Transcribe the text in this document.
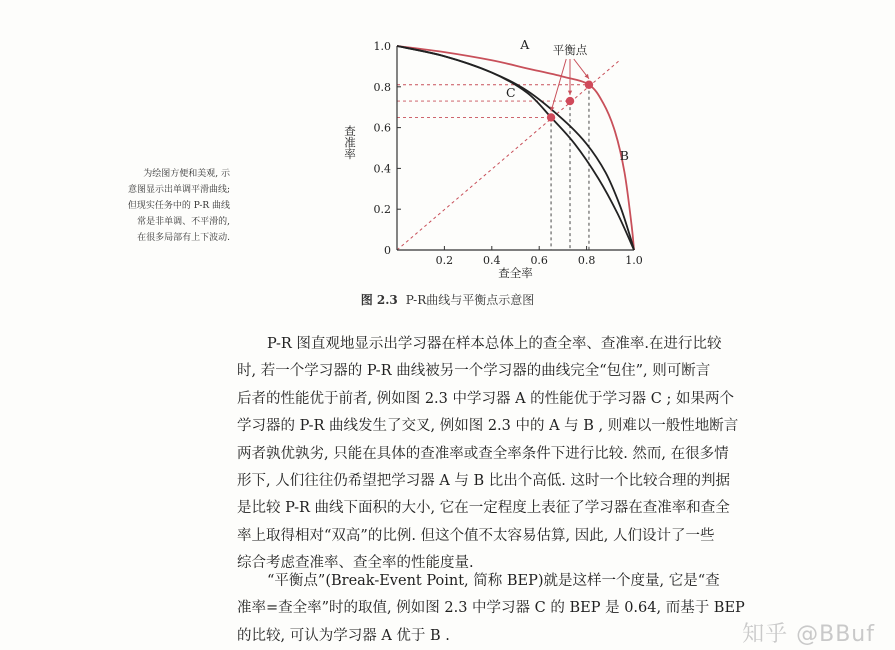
0
0.2
0.4
0.6
0.8
1.0
0.2	0.4	0.6	0.8	1.0
查全率
查准率
A
B
C
平衡点
为绘图方便和美观, 示
意图显示出单调平滑曲线;
但现实任务中的 P-R 曲线
常是非单调、不平滑的,
在很多局部有上下波动.
图 2.3 P-R曲线与平衡点示意图
P-R 图直观地显示出学习器在样本总体上的查全率、查准率.在进行比较
时, 若一个学习器的 P-R 曲线被另一个学习器的曲线完全“包住”, 则可断言
后者的性能优于前者, 例如图 2.3 中学习器 A 的性能优于学习器 C ; 如果两个
学习器的 P-R 曲线发生了交叉, 例如图 2.3 中的 A 与 B , 则难以一般性地断言
两者孰优孰劣, 只能在具体的查准率或查全率条件下进行比较. 然而, 在很多情
形下, 人们往往仍希望把学习器 A 与 B 比出个高低. 这时一个比较合理的判据
是比较 P-R 曲线下面积的大小, 它在一定程度上表征了学习器在查准率和查全
率上取得相对“双高”的比例. 但这个值不太容易估算, 因此, 人们设计了一些
综合考虑查准率、查全率的性能度量.
“平衡点”(Break-Event Point, 简称 BEP)就是这样一个度量, 它是“查
准率=查全率”时的取值, 例如图 2.3 中学习器 C 的 BEP 是 0.64, 而基于 BEP
的比较, 可认为学习器 A 优于 B .	知乎 @BBuf
